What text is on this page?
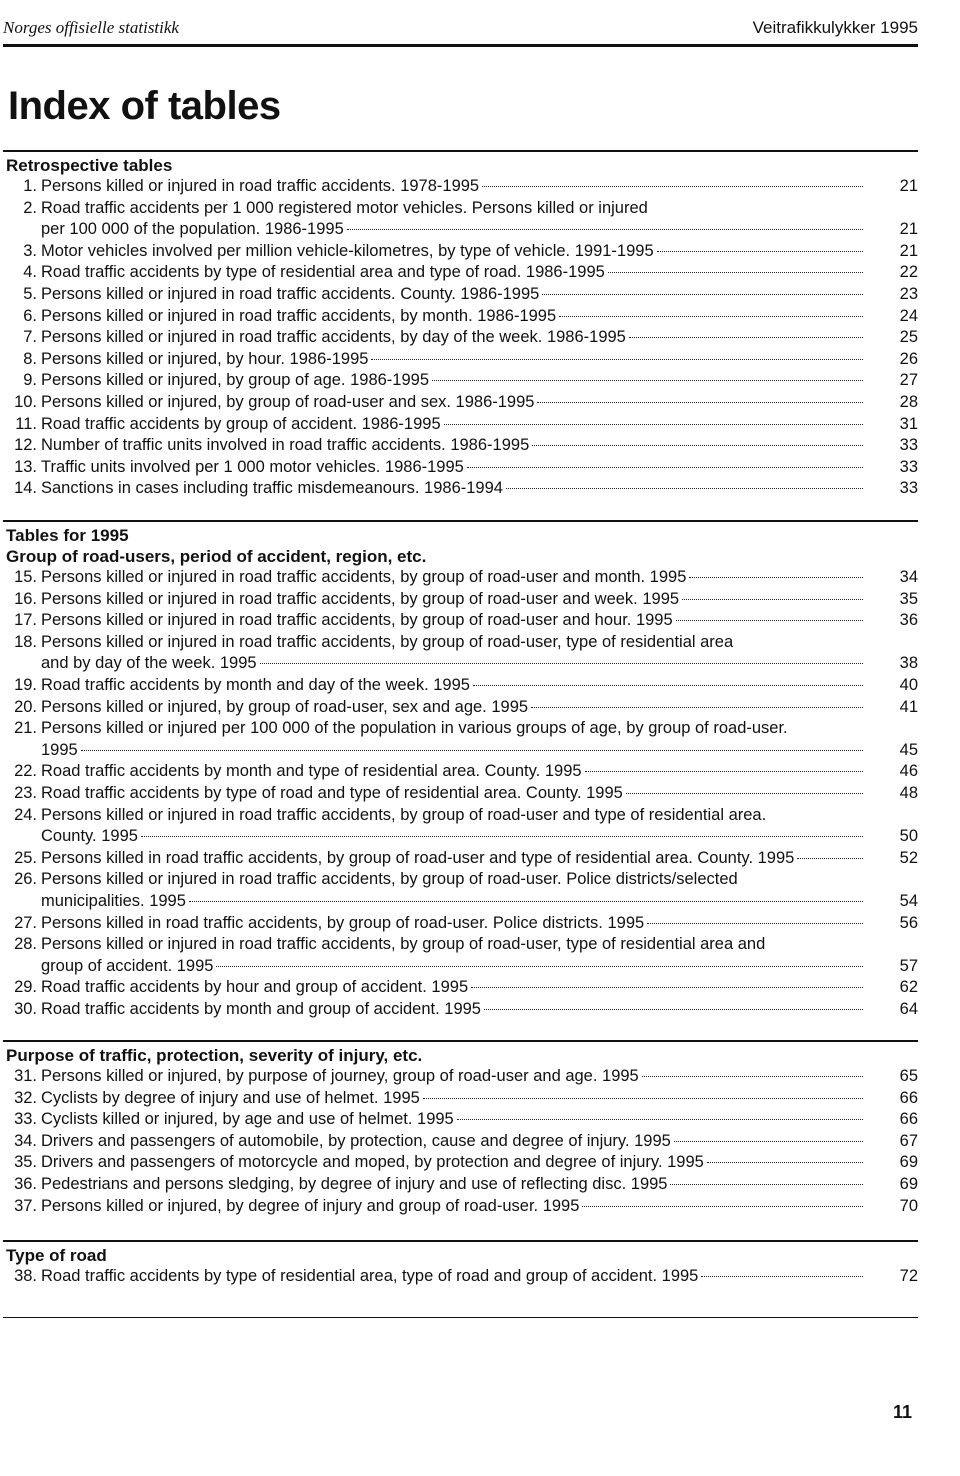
Norges offisielle statistikk	Veitrafikkulykker 1995
Index of tables
Retrospective tables
1. Persons killed or injured in road traffic accidents. 1978-1995	21
2. Road traffic accidents per 1 000 registered motor vehicles. Persons killed or injured
per 100 000 of the population. 1986-1995	21
3. Motor vehicles involved per million vehicle-kilometres, by type of vehicle. 1991-1995	21
4. Road traffic accidents by type of residential area and type of road. 1986-1995	22
5. Persons killed or injured in road traffic accidents. County. 1986-1995	23
6. Persons killed or injured in road traffic accidents, by month. 1986-1995	24
7. Persons killed or injured in road traffic accidents, by day of the week. 1986-1995	25
8. Persons killed or injured, by hour. 1986-1995	26
9. Persons killed or injured, by group of age. 1986-1995	27
10. Persons killed or injured, by group of road-user and sex. 1986-1995	28
11. Road traffic accidents by group of accident. 1986-1995	31
12. Number of traffic units involved in road traffic accidents. 1986-1995	33
13. Traffic units involved per 1 000 motor vehicles. 1986-1995	33
14. Sanctions in cases including traffic misdemeanours. 1986-1994	33
Tables for 1995
Group of road-users, period of accident, region, etc.
15. Persons killed or injured in road traffic accidents, by group of road-user and month. 1995	34
16. Persons killed or injured in road traffic accidents, by group of road-user and week. 1995	35
17. Persons killed or injured in road traffic accidents, by group of road-user and hour. 1995	36
18. Persons killed or injured in road traffic accidents, by group of road-user, type of residential area
and by day of the week. 1995	38
19. Road traffic accidents by month and day of the week. 1995	40
20. Persons killed or injured, by group of road-user, sex and age. 1995	41
21. Persons killed or injured per 100 000 of the population in various groups of age, by group of road-user.
1995	45
22. Road traffic accidents by month and type of residential area. County. 1995	46
23. Road traffic accidents by type of road and type of residential area. County. 1995	48
24. Persons killed or injured in road traffic accidents, by group of road-user and type of residential area.
County. 1995	50
25. Persons killed in road traffic accidents, by group of road-user and type of residential area. County. 1995	52
26. Persons killed or injured in road traffic accidents, by group of road-user. Police districts/selected
municipalities. 1995	54
27. Persons killed in road traffic accidents, by group of road-user. Police districts. 1995	56
28. Persons killed or injured in road traffic accidents, by group of road-user, type of residential area and
group of accident. 1995	57
29. Road traffic accidents by hour and group of accident. 1995	62
30. Road traffic accidents by month and group of accident. 1995	64
Purpose of traffic, protection, severity of injury, etc.
31. Persons killed or injured, by purpose of journey, group of road-user and age. 1995	65
32. Cyclists by degree of injury and use of helmet. 1995	66
33. Cyclists killed or injured, by age and use of helmet. 1995	66
34. Drivers and passengers of automobile, by protection, cause and degree of injury. 1995	67
35. Drivers and passengers of motorcycle and moped, by protection and degree of injury. 1995	69
36. Pedestrians and persons sledging, by degree of injury and use of reflecting disc. 1995	69
37. Persons killed or injured, by degree of injury and group of road-user. 1995	70
Type of road
38. Road traffic accidents by type of residential area, type of road and group of accident. 1995	72
11
